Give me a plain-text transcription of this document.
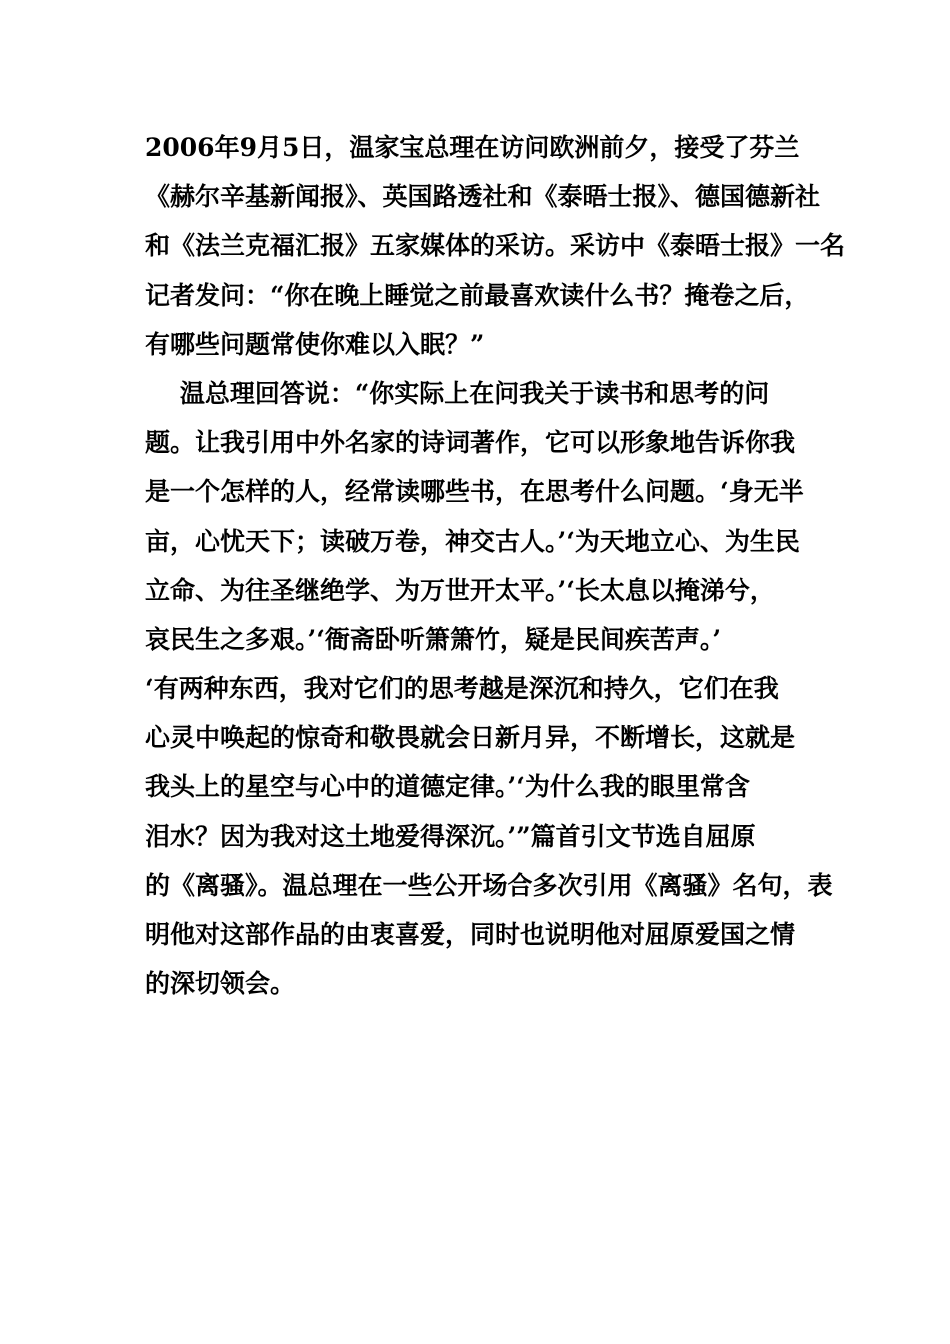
2006年9月5日，温家宝总理在访问欧洲前夕，接受了芬兰
《赫尔辛基新闻报》、英国路透社和《泰晤士报》、德国德新社
和《法兰克福汇报》五家媒体的采访。采访中《泰晤士报》一名
记者发问：“你在晚上睡觉之前最喜欢读什么书？掩卷之后，
有哪些问题常使你难以入眠？”
温总理回答说：“你实际上在问我关于读书和思考的问
题。让我引用中外名家的诗词著作，它可以形象地告诉你我
是一个怎样的人，经常读哪些书，在思考什么问题。‘身无半
亩，心忧天下；读破万卷，神交古人。’‘为天地立心、为生民
立命、为往圣继绝学、为万世开太平。’‘长太息以掩涕兮，
哀民生之多艰。’‘衙斋卧听箫箫竹，疑是民间疾苦声。’
‘有两种东西，我对它们的思考越是深沉和持久，它们在我
心灵中唤起的惊奇和敬畏就会日新月异，不断增长，这就是
我头上的星空与心中的道德定律。’‘为什么我的眼里常含
泪水？因为我对这土地爱得深沉。’”篇首引文节选自屈原
的《离骚》。温总理在一些公开场合多次引用《离骚》名句，表
明他对这部作品的由衷喜爱，同时也说明他对屈原爱国之情
的深切领会。
